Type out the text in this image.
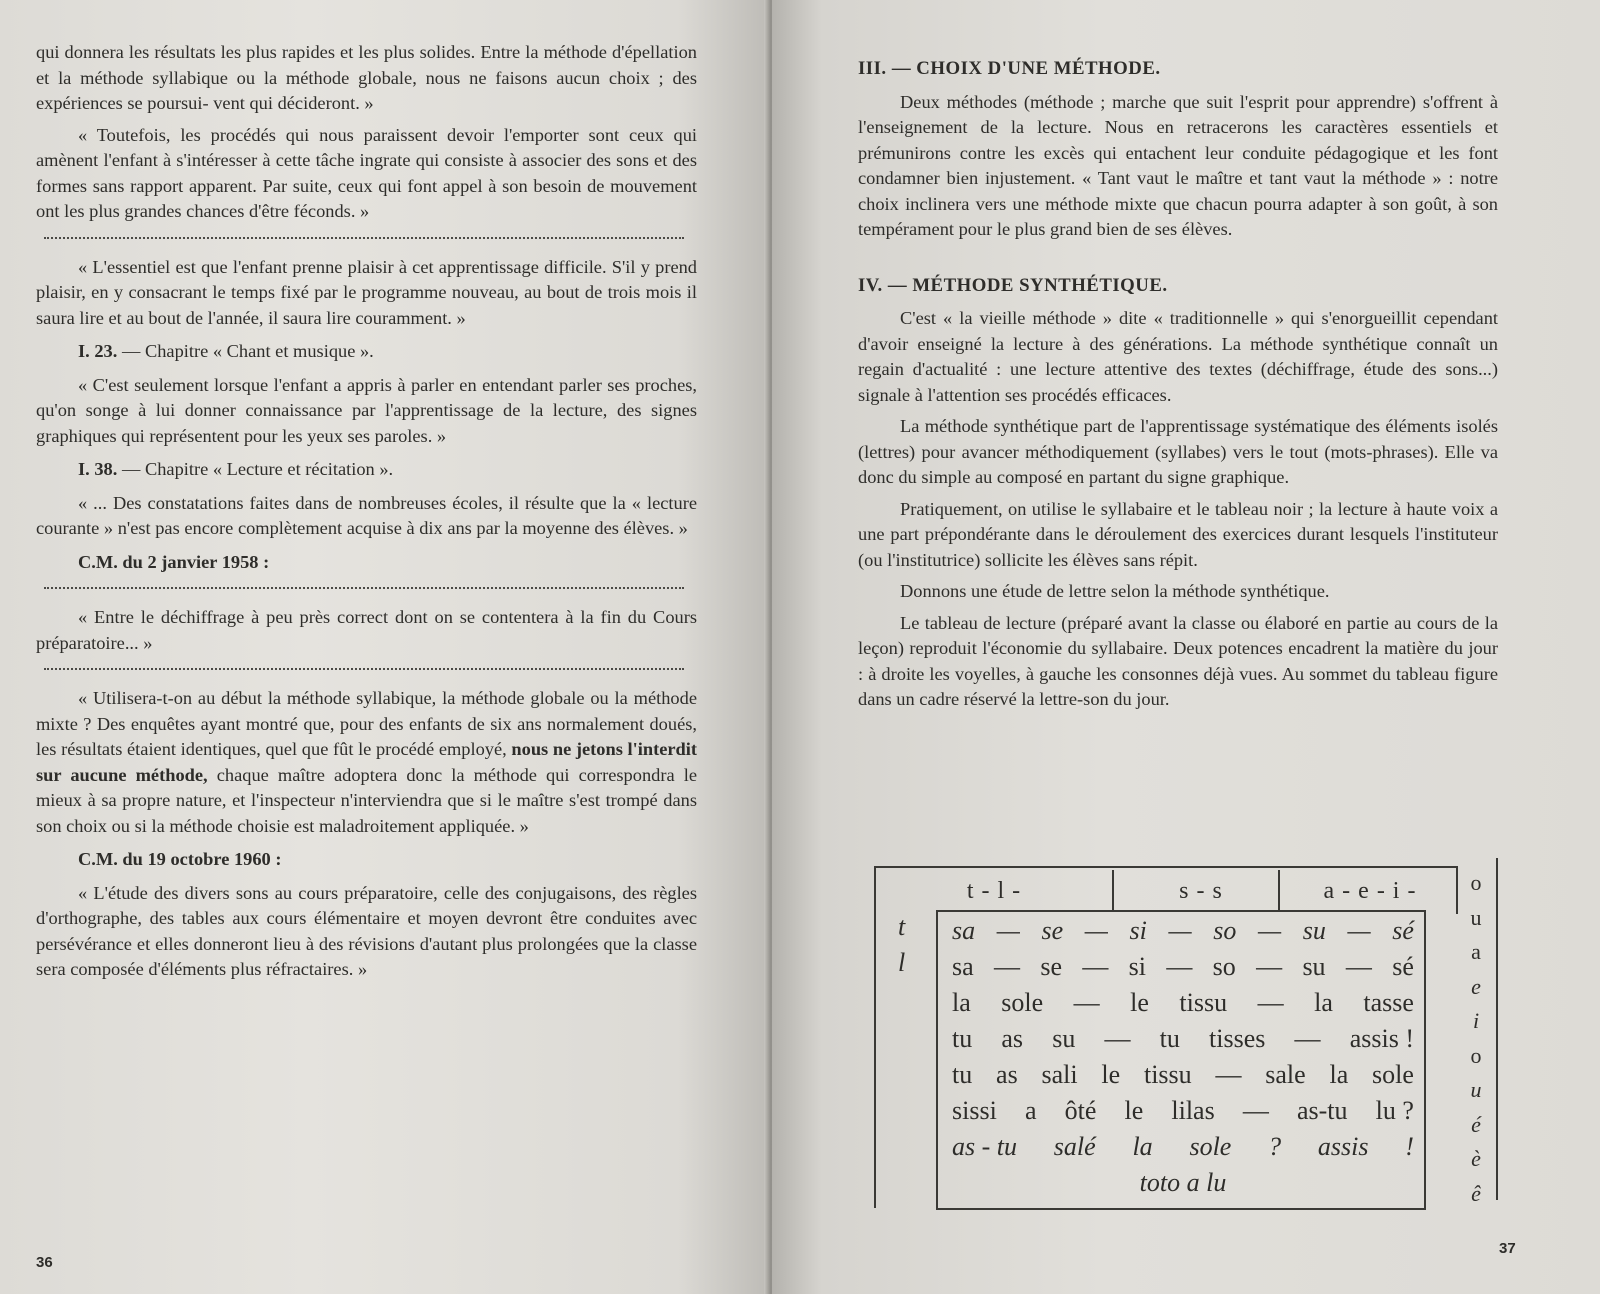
qui donnera les résultats les plus rapides et les plus solides. Entre la méthode d'épellation et la méthode syllabique ou la méthode globale, nous ne faisons aucun choix ; des expériences se poursui- vent qui décideront. »

« Toutefois, les procédés qui nous paraissent devoir l'emporter sont ceux qui amènent l'enfant à s'intéresser à cette tâche ingrate qui consiste à associer des sons et des formes sans rapport apparent. Par suite, ceux qui font appel à son besoin de mouvement ont les plus grandes chances d'être féconds. »

« L'essentiel est que l'enfant prenne plaisir à cet apprentissage difficile. S'il y prend plaisir, en y consacrant le temps fixé par le programme nouveau, au bout de trois mois il saura lire et au bout de l'année, il saura lire couramment. »

I. 23. — Chapitre « Chant et musique ».

« C'est seulement lorsque l'enfant a appris à parler en entendant parler ses proches, qu'on songe à lui donner connaissance par l'apprentissage de la lecture, des signes graphiques qui représentent pour les yeux ses paroles. »

I. 38. — Chapitre « Lecture et récitation ».

« ... Des constatations faites dans de nombreuses écoles, il résulte que la « lecture courante » n'est pas encore complètement acquise à dix ans par la moyenne des élèves. »

C.M. du 2 janvier 1958 :

« Entre le déchiffrage à peu près correct dont on se contentera à la fin du Cours préparatoire... »

« Utilisera-t-on au début la méthode syllabique, la méthode globale ou la méthode mixte ? Des enquêtes ayant montré que, pour des enfants de six ans normalement doués, les résultats étaient identiques, quel que fût le procédé employé, nous ne jetons l'interdit sur aucune méthode, chaque maître adoptera donc la méthode qui correspondra le mieux à sa propre nature, et l'inspecteur n'interviendra que si le maître s'est trompé dans son choix ou si la méthode choisie est maladroitement appliquée. »

C.M. du 19 octobre 1960 :

« L'étude des divers sons au cours préparatoire, celle des conjugaisons, des règles d'orthographe, des tables aux cours élémentaire et moyen devront être conduites avec persévérance et elles donneront lieu à des révisions d'autant plus prolongées que la classe sera composée d'éléments plus réfractaires. »

36
III. — CHOIX D'UNE MÉTHODE.

Deux méthodes (méthode ; marche que suit l'esprit pour apprendre) s'offrent à l'enseignement de la lecture. Nous en retracerons les caractères essentiels et prémunirons contre les excès qui entachent leur conduite pédagogique et les font condamner bien injustement. « Tant vaut le maître et tant vaut la méthode » : notre choix inclinera vers une méthode mixte que chacun pourra adapter à son goût, à son tempérament pour le plus grand bien de ses élèves.

IV. — MÉTHODE SYNTHÉTIQUE.

C'est « la vieille méthode » dite « traditionnelle » qui s'enorgueillit cependant d'avoir enseigné la lecture à des générations. La méthode synthétique connaît un regain d'actualité : une lecture attentive des textes (déchiffrage, étude des sons...) signale à l'attention ses procédés efficaces.

La méthode synthétique part de l'apprentissage systématique des éléments isolés (lettres) pour avancer méthodiquement (syllabes) vers le tout (mots-phrases). Elle va donc du simple au composé en partant du signe graphique.

Pratiquement, on utilise le syllabaire et le tableau noir ; la lecture à haute voix a une part prépondérante dans le déroulement des exercices durant lesquels l'instituteur (ou l'institutrice) sollicite les élèves sans répit.

Donnons une étude de lettre selon la méthode synthétique.

Le tableau de lecture (préparé avant la classe ou élaboré en partie au cours de la leçon) reproduit l'économie du syllabaire. Deux potences encadrent la matière du jour : à droite les voyelles, à gauche les consonnes déjà vues. Au sommet du tableau figure dans un cadre réservé la lettre-son du jour.

t - l -	s - s	a - e - i -
t
l
sa — se — si — so — su — sé
sa — se — si — so — su — sé
la sole — le tissu — la tasse
tu as su — tu tisses — assis !
tu as sali le tissu — sale la sole
sissi a ôté le lilas — as-tu lu ?
as - tu salé la sole ? assis !
toto a lu
o
u
a
e
i
o
u
é
è
ê
37
